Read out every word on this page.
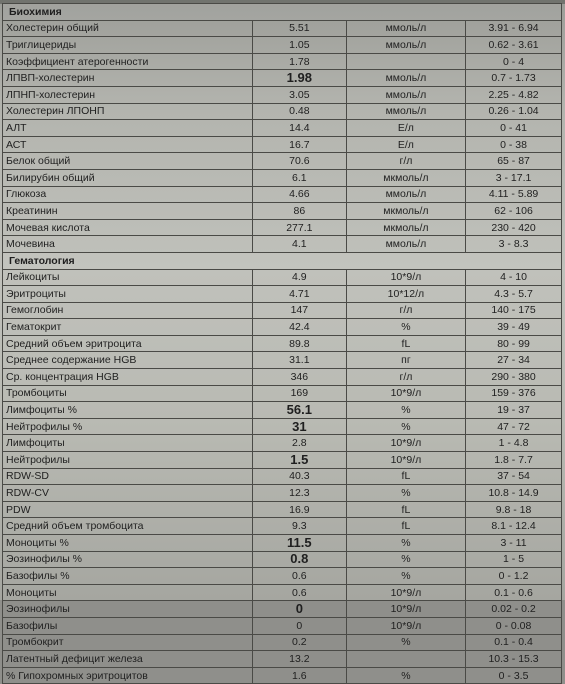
Биохимия			
Холестерин общий	5.51	ммоль/л	3.91 - 6.94
Триглицериды	1.05	ммоль/л	0.62 - 3.61
Коэффициент атерогенности	1.78		0 - 4
ЛПВП-холестерин	1.98	ммоль/л	0.7 - 1.73
ЛПНП-холестерин	3.05	ммоль/л	2.25 - 4.82
Холестерин ЛПОНП	0.48	ммоль/л	0.26 - 1.04
АЛТ	14.4	Е/л	0 - 41
АСТ	16.7	Е/л	0 - 38
Белок общий	70.6	г/л	65 - 87
Билирубин общий	6.1	мкмоль/л	3 - 17.1
Глюкоза	4.66	ммоль/л	4.11 - 5.89
Креатинин	86	мкмоль/л	62 - 106
Мочевая кислота	277.1	мкмоль/л	230 - 420
Мочевина	4.1	ммоль/л	3 - 8.3
Гематология			
Лейкоциты	4.9	10*9/л	4 - 10
Эритроциты	4.71	10*12/л	4.3 - 5.7
Гемоглобин	147	г/л	140 - 175
Гематокрит	42.4	%	39 - 49
Средний объем эритроцита	89.8	fL	80 - 99
Среднее содержание HGB	31.1	пг	27 - 34
Ср. концентрация HGB	346	г/л	290 - 380
Тромбоциты	169	10*9/л	159 - 376
Лимфоциты %	56.1	%	19 - 37
Нейтрофилы %	31	%	47 - 72
Лимфоциты	2.8	10*9/л	1 - 4.8
Нейтрофилы	1.5	10*9/л	1.8 - 7.7
RDW-SD	40.3	fL	37 - 54
RDW-CV	12.3	%	10.8 - 14.9
PDW	16.9	fL	9.8 - 18
Средний объем тромбоцита	9.3	fL	8.1 - 12.4
Моноциты %	11.5	%	3 - 11
Эозинофилы %	0.8	%	1 - 5
Базофилы %	0.6	%	0 - 1.2
Моноциты	0.6	10*9/л	0.1 - 0.6
Эозинофилы	0	10*9/л	0.02 - 0.2
Базофилы	0	10*9/л	0 - 0.08
Тромбокрит	0.2	%	0.1 - 0.4
Латентный дефицит железа	13.2		10.3 - 15.3
% Гипохромных эритроцитов	1.6	%	0 - 3.5
